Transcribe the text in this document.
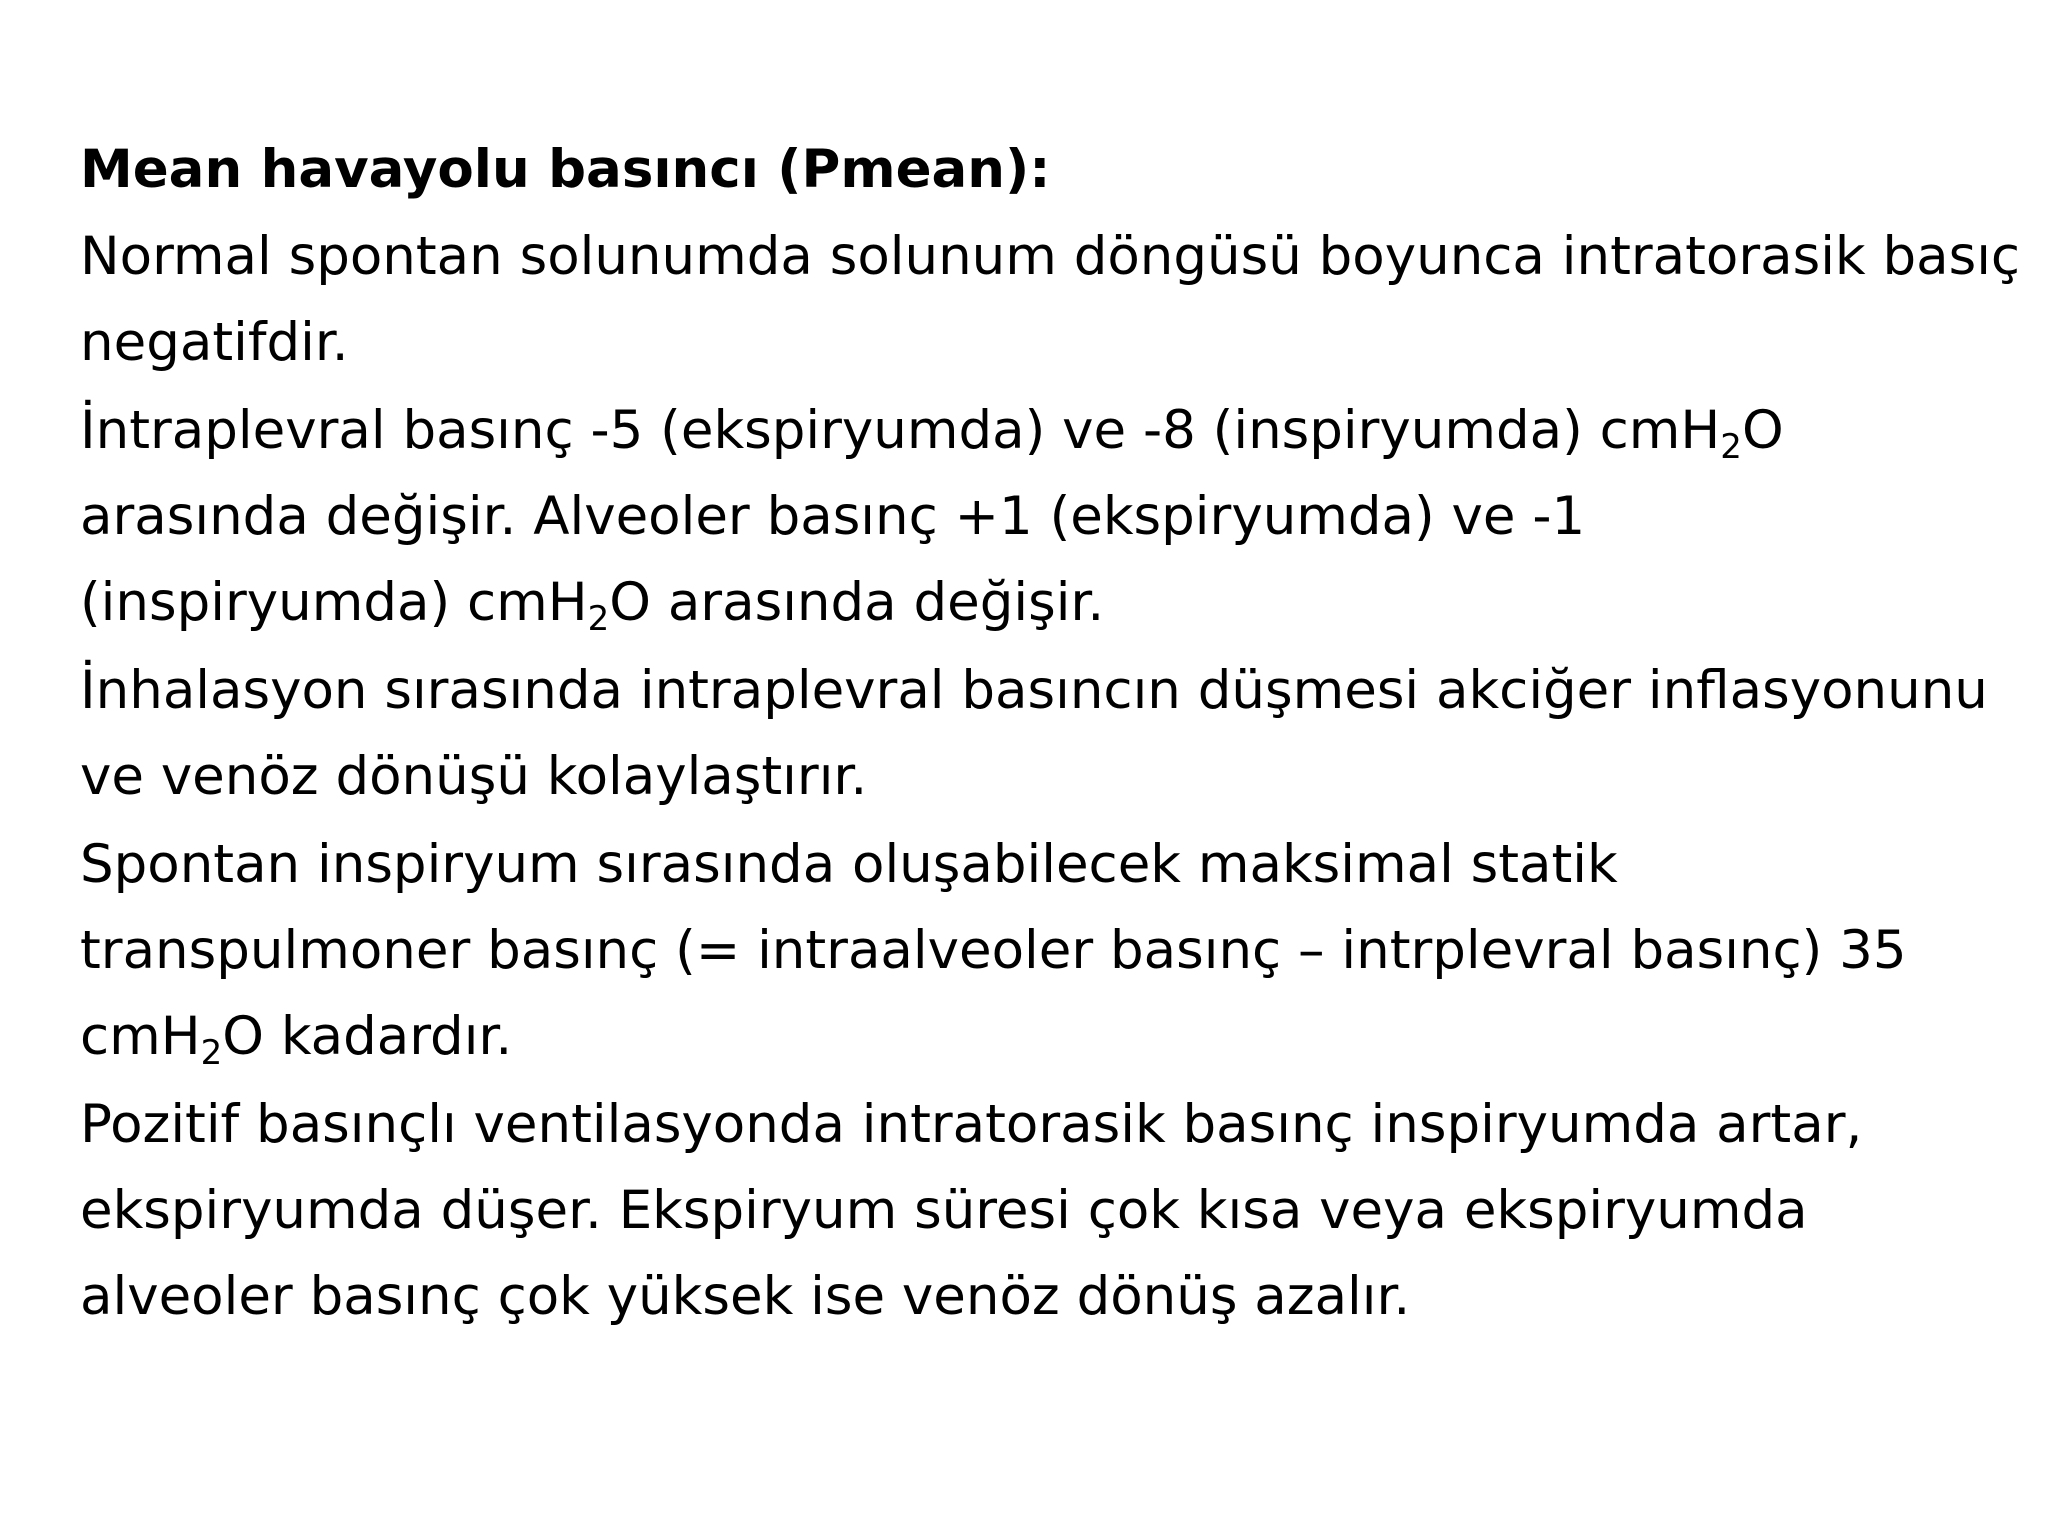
Mean havayolu basıncı (Pmean):
Normal spontan solunumda solunum döngüsü boyunca intratorasik basıç
negatifdir.
İntraplevral basınç -5 (ekspiryumda) ve -8 (inspiryumda) cmH$_2$O
arasında değişir. Alveoler basınç +1 (ekspiryumda) ve -1
(inspiryumda) cmH$_2$O arasında değişir.
İnhalasyon sırasında intraplevral basıncın düşmesi akciğer inflasyonunu
ve venöz dönüşü kolaylaştırır.
Spontan inspiryum sırasında oluşabilecek maksimal statik
transpulmoner basınç (= intraalveoler basınç – intrplevral basınç) 35
cmH$_2$O kadardır.
Pozitif basınçlı ventilasyonda intratorasik basınç inspiryumda artar,
ekspiryumda düşer. Ekspiryum süresi çok kısa veya ekspiryumda
alveoler basınç çok yüksek ise venöz dönüş azalır.
